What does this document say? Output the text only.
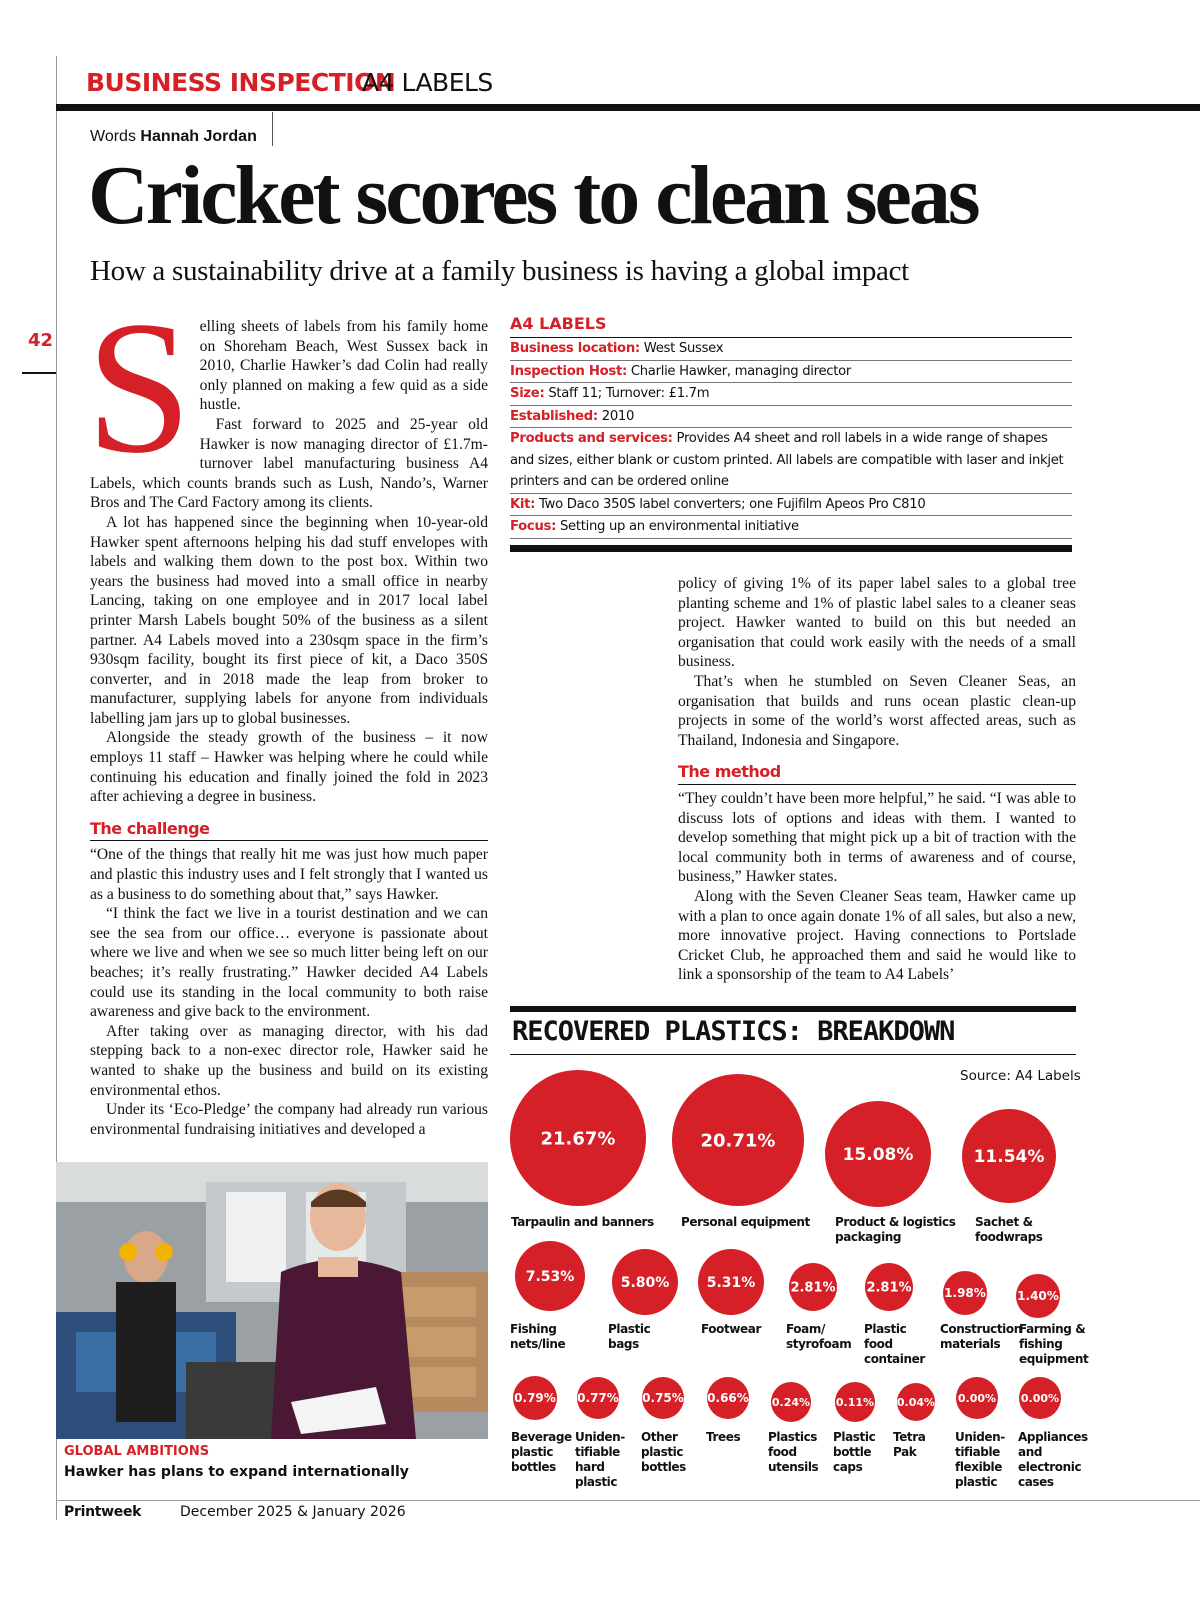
BUSINESS INSPECTION
A4 LABELS
Words Hannah Jordan
42
Cricket scores to clean seas
How a sustainability drive at a family business is having a global impact
S elling sheets of labels from his family home on Shoreham Beach, West Sussex back in 2010, Charlie Hawker’s dad Colin had really only planned on making a few quid as a side hustle.

Fast forward to 2025 and 25-year old Hawker is now managing director of £1.7m-turnover label manufacturing business A4 Labels, which counts brands such as Lush, Nando’s, Warner Bros and The Card Factory among its clients.

A lot has happened since the beginning when 10-year-old Hawker spent afternoons helping his dad stuff envelopes with labels and walking them down to the post box. Within two years the business had moved into a small office in nearby Lancing, taking on one employee and in 2017 local label printer Marsh Labels bought 50% of the business as a silent partner. A4 Labels moved into a 230sqm space in the firm’s 930sqm facility, bought its first piece of kit, a Daco 350S converter, and in 2018 made the leap from broker to manufacturer, supplying labels for anyone from individuals labelling jam jars up to global businesses.

Alongside the steady growth of the business – it now employs 11 staff – Hawker was helping where he could while continuing his education and finally joined the fold in 2023 after achieving a degree in business.

The challenge

“One of the things that really hit me was just how much paper and plastic this industry uses and I felt strongly that I wanted us as a business to do something about that,” says Hawker.

“I think the fact we live in a tourist destination and we can see the sea from our office… everyone is passionate about where we live and when we see so much litter being left on our beaches; it’s really frustrating.” Hawker decided A4 Labels could use its standing in the local community to both raise awareness and give back to the environment.

After taking over as managing director, with his dad stepping back to a non-exec director role, Hawker said he wanted to shake up the business and build on its existing environmental ethos.

Under its ‘Eco-Pledge’ the company had already run various environmental fundraising initiatives and developed a

A4 LABELS
Business location: West Sussex
Inspection Host: Charlie Hawker, managing director
Size: Staff 11; Turnover: £1.7m
Established: 2010
Products and services: Provides A4 sheet and roll labels in a wide range of shapes and sizes, either blank or custom printed. All labels are compatible with laser and inkjet printers and can be ordered online
Kit: Two Daco 350S label converters; one Fujifilm Apeos Pro C810
Focus: Setting up an environmental initiative

policy of giving 1% of its paper label sales to a global tree planting scheme and 1% of plastic label sales to a cleaner seas project. Hawker wanted to build on this but needed an organisation that could work easily with the needs of a small business.

That’s when he stumbled on Seven Cleaner Seas, an organisation that builds and runs ocean plastic clean-up projects in some of the world’s worst affected areas, such as Thailand, Indonesia and Singapore.

The method

“They couldn’t have been more helpful,” he said. “I was able to discuss lots of options and ideas with them. I wanted to develop something that might pick up a bit of traction with the local community both in terms of awareness and of course, business,” Hawker states.

Along with the Seven Cleaner Seas team, Hawker came up with a plan to once again donate 1% of all sales, but also a new, more innovative project. Having connections to Portslade Cricket Club, he approached them and said he would like to link a sponsorship of the team to A4 Labels’

GLOBAL AMBITIONS
Hawker has plans to expand internationally
RECOVERED PLASTICS: BREAKDOWN
Source: A4 Labels
21.67%
Tarpaulin and banners
20.71%
Personal equipment
15.08%
Product & logistics packaging
11.54%
Sachet & foodwraps
7.53%
Fishing nets/line
5.80%
Plastic bags
5.31%
Footwear
2.81%
Foam/ styrofoam
2.81%
Plastic food container
1.98%
Construction materials
1.40%
Farming & fishing equipment
0.79%
Beverage plastic bottles
0.77%
Uniden-tifiable hard plastic
0.75%
Other plastic bottles
0.66%
Trees
0.24%
Plastics food utensils
0.11%
Plastic bottle caps
0.04%
Tetra Pak
0.00%
Uniden-tifiable flexible plastic
0.00%
Appliances and electronic cases
Printweek	December 2025 & January 2026
